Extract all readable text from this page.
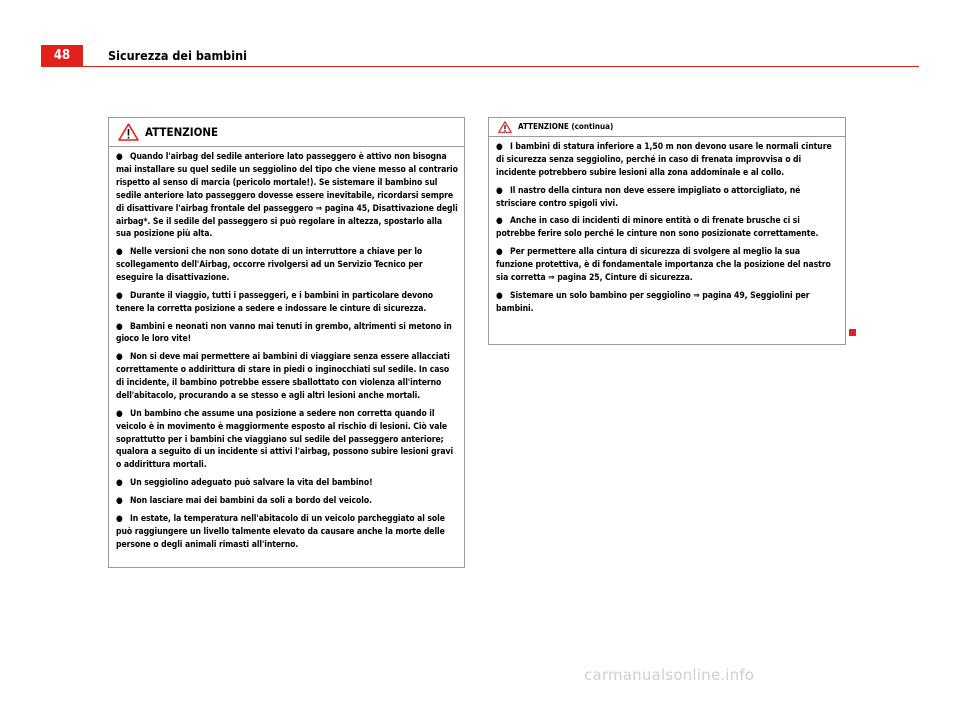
48	Sicurezza dei bambini
ATTENZIONE

● Quando l'airbag del sedile anteriore lato passeggero è attivo non bisogna mai installare su quel sedile un seggiolino del tipo che viene messo al contrario rispetto al senso di marcia (pericolo mortale!). Se sistemare il bambino sul sedile anteriore lato passeggero dovesse essere inevitabile, ricordarsi sempre di disattivare l'airbag frontale del passeggero ⇒ pagina 45, Disattivazione degli airbag*. Se il sedile del passeggero si può regolare in altezza, spostarlo alla sua posizione più alta.

● Nelle versioni che non sono dotate di un interruttore a chiave per lo scollegamento dell'Airbag, occorre rivolgersi ad un Servizio Tecnico per eseguire la disattivazione.

● Durante il viaggio, tutti i passeggeri, e i bambini in particolare devono tenere la corretta posizione a sedere e indossare le cinture di sicurezza.

● Bambini e neonati non vanno mai tenuti in grembo, altrimenti si metono in gioco le loro vite!

● Non si deve mai permettere ai bambini di viaggiare senza essere allacciati correttamente o addirittura di stare in piedi o inginocchiati sul sedile. In caso di incidente, il bambino potrebbe essere sballottato con violenza all'interno dell'abitacolo, procurando a se stesso e agli altri lesioni anche mortali.

● Un bambino che assume una posizione a sedere non corretta quando il veicolo è in movimento è maggiormente esposto al rischio di lesioni. Ciò vale soprattutto per i bambini che viaggiano sul sedile del passeggero anteriore; qualora a seguito di un incidente si attivi l'airbag, possono subire lesioni gravi o addirittura mortali.

● Un seggiolino adeguato può salvare la vita del bambino!

● Non lasciare mai dei bambini da soli a bordo del veicolo.

● In estate, la temperatura nell'abitacolo di un veicolo parcheggiato al sole può raggiungere un livello talmente elevato da causare anche la morte delle persone o degli animali rimasti all'interno.

ATTENZIONE (continua)

● I bambini di statura inferiore a 1,50 m non devono usare le normali cinture di sicurezza senza seggiolino, perché in caso di frenata improvvisa o di incidente potrebbero subire lesioni alla zona addominale e al collo.

● Il nastro della cintura non deve essere impigliato o attorcigliato, né strisciare contro spigoli vivi.

● Anche in caso di incidenti di minore entità o di frenate brusche ci si potrebbe ferire solo perché le cinture non sono posizionate correttamente.

● Per permettere alla cintura di sicurezza di svolgere al meglio la sua funzione protettiva, è di fondamentale importanza che la posizione del nastro sia corretta ⇒ pagina 25, Cinture di sicurezza.

● Sistemare un solo bambino per seggiolino ⇒ pagina 49, Seggiolini per bambini.

carmanualsonline.info
